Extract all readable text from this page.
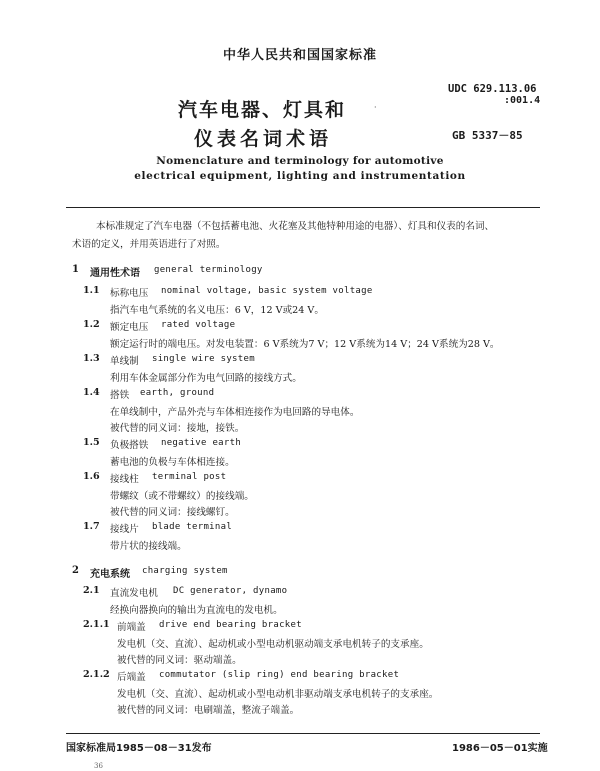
中华人民共和国国家标准
UDC 629.113.06
:001.4
·
汽车电器、灯具和
仪表名词术语	GB 5337－85
Nomenclature and terminology for automotive
electrical equipment, lighting and instrumentation
本标准规定了汽车电器（不包括蓄电池、火花塞及其他特种用途的电器）、灯具和仪表的名词、
术语的定义，并用英语进行了对照。
1 通用性术语 general terminology
1.1 标称电压 nominal voltage, basic system voltage
指汽车电气系统的名义电压：6 V，12 V或24 V。
1.2 额定电压 rated voltage
额定运行时的端电压。对发电装置：6 V系统为7 V；12 V系统为14 V；24 V系统为28 V。
1.3 单线制 single wire system
利用车体金属部分作为电气回路的接线方式。
1.4 搭铁 earth, ground
在单线制中，产品外壳与车体相连接作为电回路的导电体。
被代替的同义词：接地，接铁。
1.5 负极搭铁 negative earth
蓄电池的负极与车体相连接。
1.6 接线柱 terminal post
带螺纹（或不带螺纹）的接线端。
被代替的同义词：接线螺钉。
1.7 接线片 blade terminal
带片状的接线端。
2 充电系统 charging system
2.1 直流发电机 DC generator, dynamo
经换向器换向的输出为直流电的发电机。
2.1.1 前端盖 drive end bearing bracket
发电机（交、直流）、起动机或小型电动机驱动端支承电机转子的支承座。
被代替的同义词：驱动端盖。
2.1.2 后端盖 commutator (slip ring) end bearing bracket
发电机（交、直流）、起动机或小型电动机非驱动端支承电机转子的支承座。
被代替的同义词：电刷端盖，整流子端盖。
国家标准局1985－08－31发布	1986－05－01实施
36
